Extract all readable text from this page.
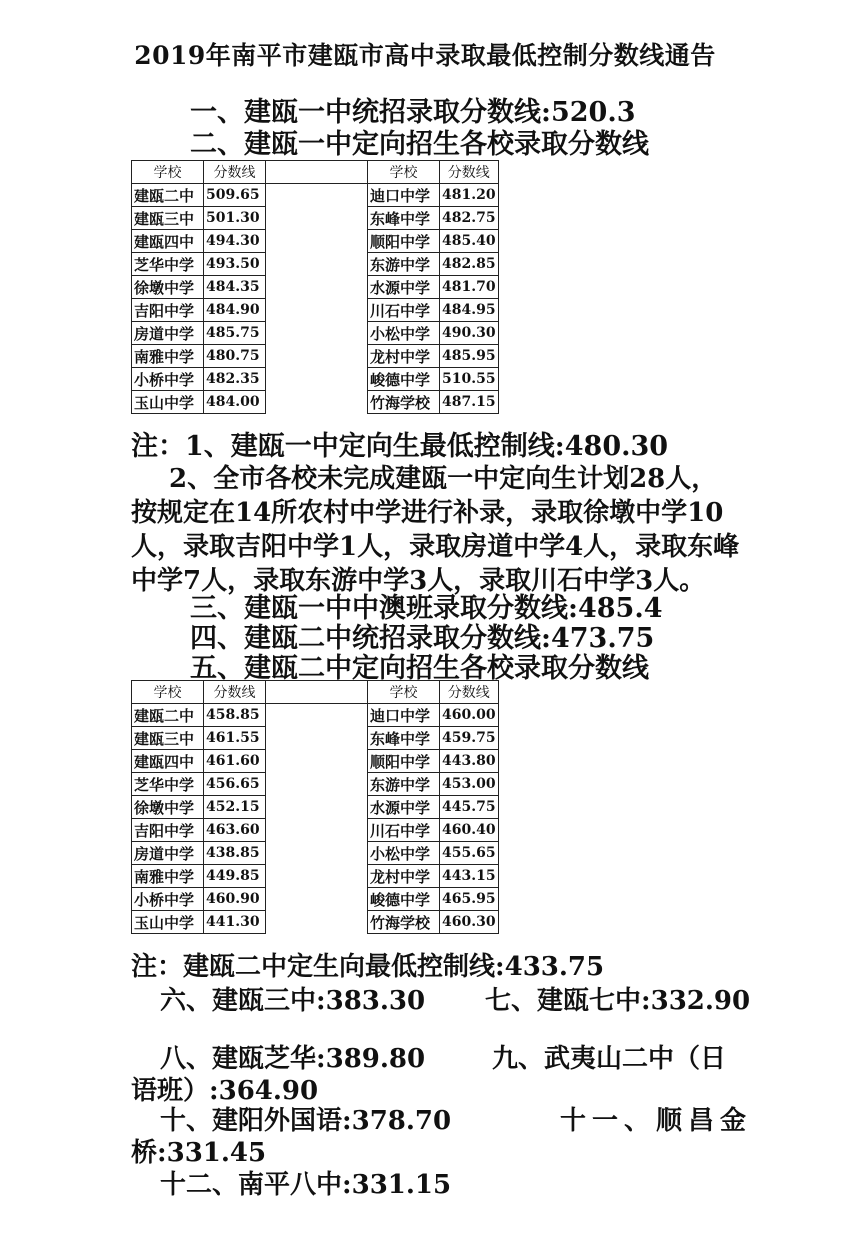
2019年南平市建瓯市高中录取最低控制分数线通告
一、建瓯一中统招录取分数线:520.3
二、建瓯一中定向招生各校录取分数线
学校	分数线		学校	分数线
建瓯二中	509.65		迪口中学	481.20
建瓯三中	501.30		东峰中学	482.75
建瓯四中	494.30		顺阳中学	485.40
芝华中学	493.50		东游中学	482.85
徐墩中学	484.35		水源中学	481.70
吉阳中学	484.90		川石中学	484.95
房道中学	485.75		小松中学	490.30
南雅中学	480.75		龙村中学	485.95
小桥中学	482.35		峻德中学	510.55
玉山中学	484.00		竹海学校	487.15
注：1、建瓯一中定向生最低控制线:480.30

2、全市各校未完成建瓯一中定向生计划28人，按规定在14所农村中学进行补录，录取徐墩中学10人，录取吉阳中学1人，录取房道中学4人，录取东峰中学7人，录取东游中学3人，录取川石中学3人。

三、建瓯一中中澳班录取分数线:485.4
四、建瓯二中统招录取分数线:473.75
五、建瓯二中定向招生各校录取分数线
学校	分数线		学校	分数线
建瓯二中	458.85		迪口中学	460.00
建瓯三中	461.55		东峰中学	459.75
建瓯四中	461.60		顺阳中学	443.80
芝华中学	456.65		东游中学	453.00
徐墩中学	452.15		水源中学	445.75
吉阳中学	463.60		川石中学	460.40
房道中学	438.85		小松中学	455.65
南雅中学	449.85		龙村中学	443.15
小桥中学	460.90		峻德中学	465.95
玉山中学	441.30		竹海学校	460.30
注：建瓯二中定生向最低控制线:433.75
六、建瓯三中:383.30 七、建瓯七中:332.90
八、建瓯芝华:389.80	九、武夷山二中（日
语班）:364.90
十、建阳外国语:378.70	十一、顺昌金
桥:331.45
十二、南平八中:331.15
